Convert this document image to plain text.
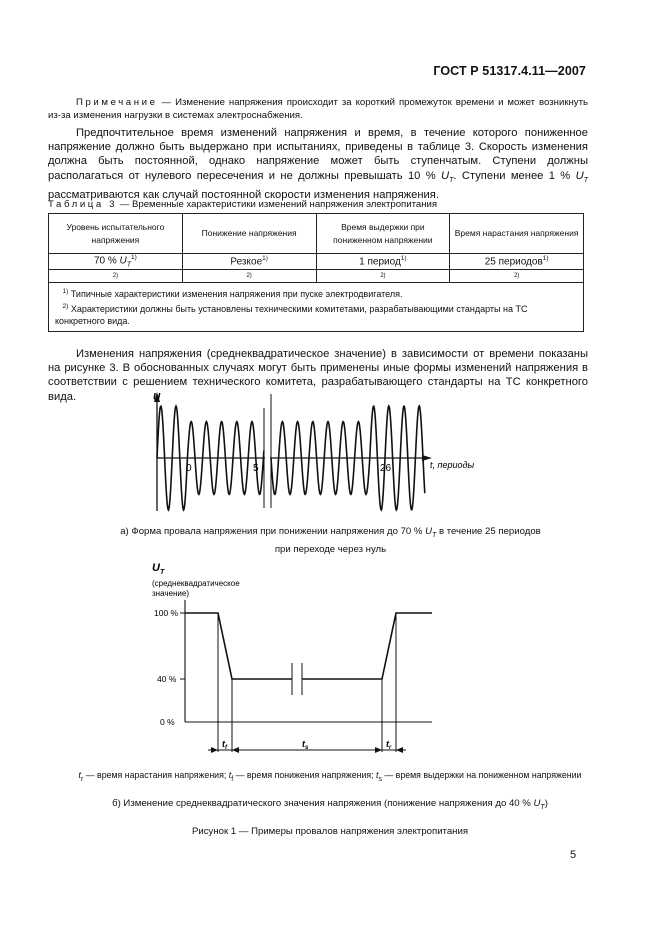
ГОСТ Р 51317.4.11—2007
Примечание — Изменение напряжения происходит за короткий промежуток времени и может возникнуть из-за изменения нагрузки в системах электроснабжения.
Предпочтительное время изменений напряжения и время, в течение которого пониженное напряжение должно быть выдержано при испытаниях, приведены в таблице 3. Скорость изменения должна быть постоянной, однако напряжение может быть ступенчатым. Ступени должны располагаться от нулевого пересечения и не должны превышать 10 % $U_T$. Ступени менее 1 % $U_T$ рассматриваются как случай постоянной скорости изменения напряжения.
Таблица 3 — Временные характеристики изменений напряжения электропитания
Уровень испытательного напряжения	Понижение напряжения	Время выдержки при пониженном напряжении	Время нарастания напряжения
70 % $U_T^{1)}$	Резкое$^{1)}$	1 период$^{1)}$	25 периодов$^{1)}$
2)	2)	2)	2)

$^{1)}$ Типичные характеристики изменения напряжения при пуске электродвигателя.
$^{2)}$ Характеристики должны быть установлены техническими комитетами, разрабатывающими стандарты на ТС конкретного вида.			
Изменения напряжения (среднеквадратическое значение) в зависимости от времени показаны на рисунке 3. В обоснованных случаях могут быть применены иные формы изменений напряжения в соответствии с решением технического комитета, разрабатывающего стандарты на ТС конкретного вида.	U
0	5	26	t, периоды
а) Форма провала напряжения при понижении напряжения до 70 % $U_T$ в течение 25 периодов
при переходе через нуль
$U_T$
(среднеквадратическое
значение)
100 %
40 %
0 %
$t_f$	$t_s$	$t_r$
$t_r$ — время нарастания напряжения; $t_f$ — время понижения напряжения; $t_s$ — время выдержки на пониженном напряжении
б) Изменение среднеквадратического значения напряжения (понижение напряжения до 40 % $U_T$)
Рисунок 1 — Примеры провалов напряжения электропитания
5
